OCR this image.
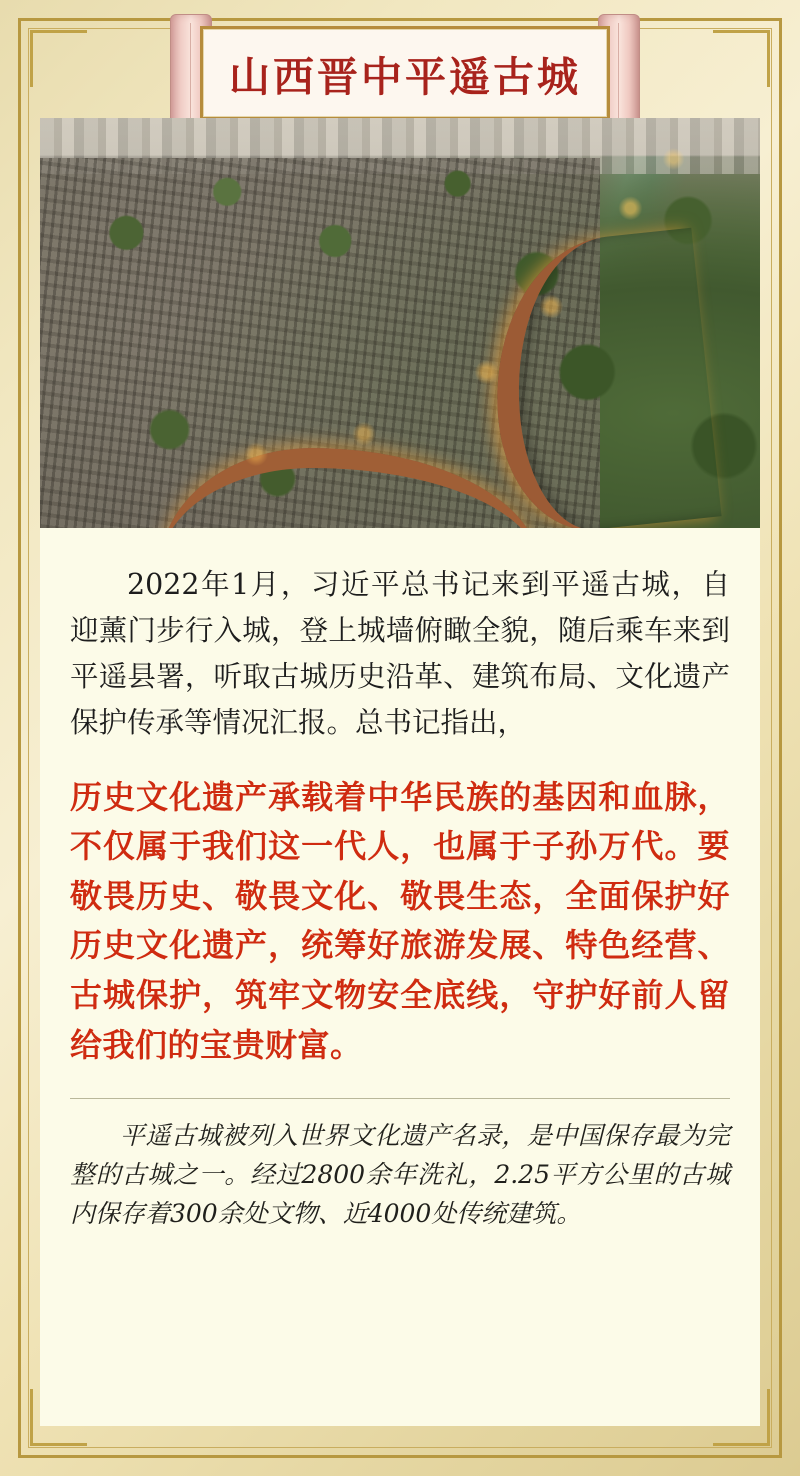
山西晋中平遥古城

2022年1月，习近平总书记来到平遥古城，自迎薰门步行入城，登上城墙俯瞰全貌，随后乘车来到平遥县署，听取古城历史沿革、建筑布局、文化遗产保护传承等情况汇报。总书记指出，

历史文化遗产承载着中华民族的基因和血脉，不仅属于我们这一代人，也属于子孙万代。要敬畏历史、敬畏文化、敬畏生态，全面保护好历史文化遗产，统筹好旅游发展、特色经营、古城保护，筑牢文物安全底线，守护好前人留给我们的宝贵财富。

平遥古城被列入世界文化遗产名录，是中国保存最为完整的古城之一。经过2800余年洗礼，2.25平方公里的古城内保存着300余处文物、近4000处传统建筑。
